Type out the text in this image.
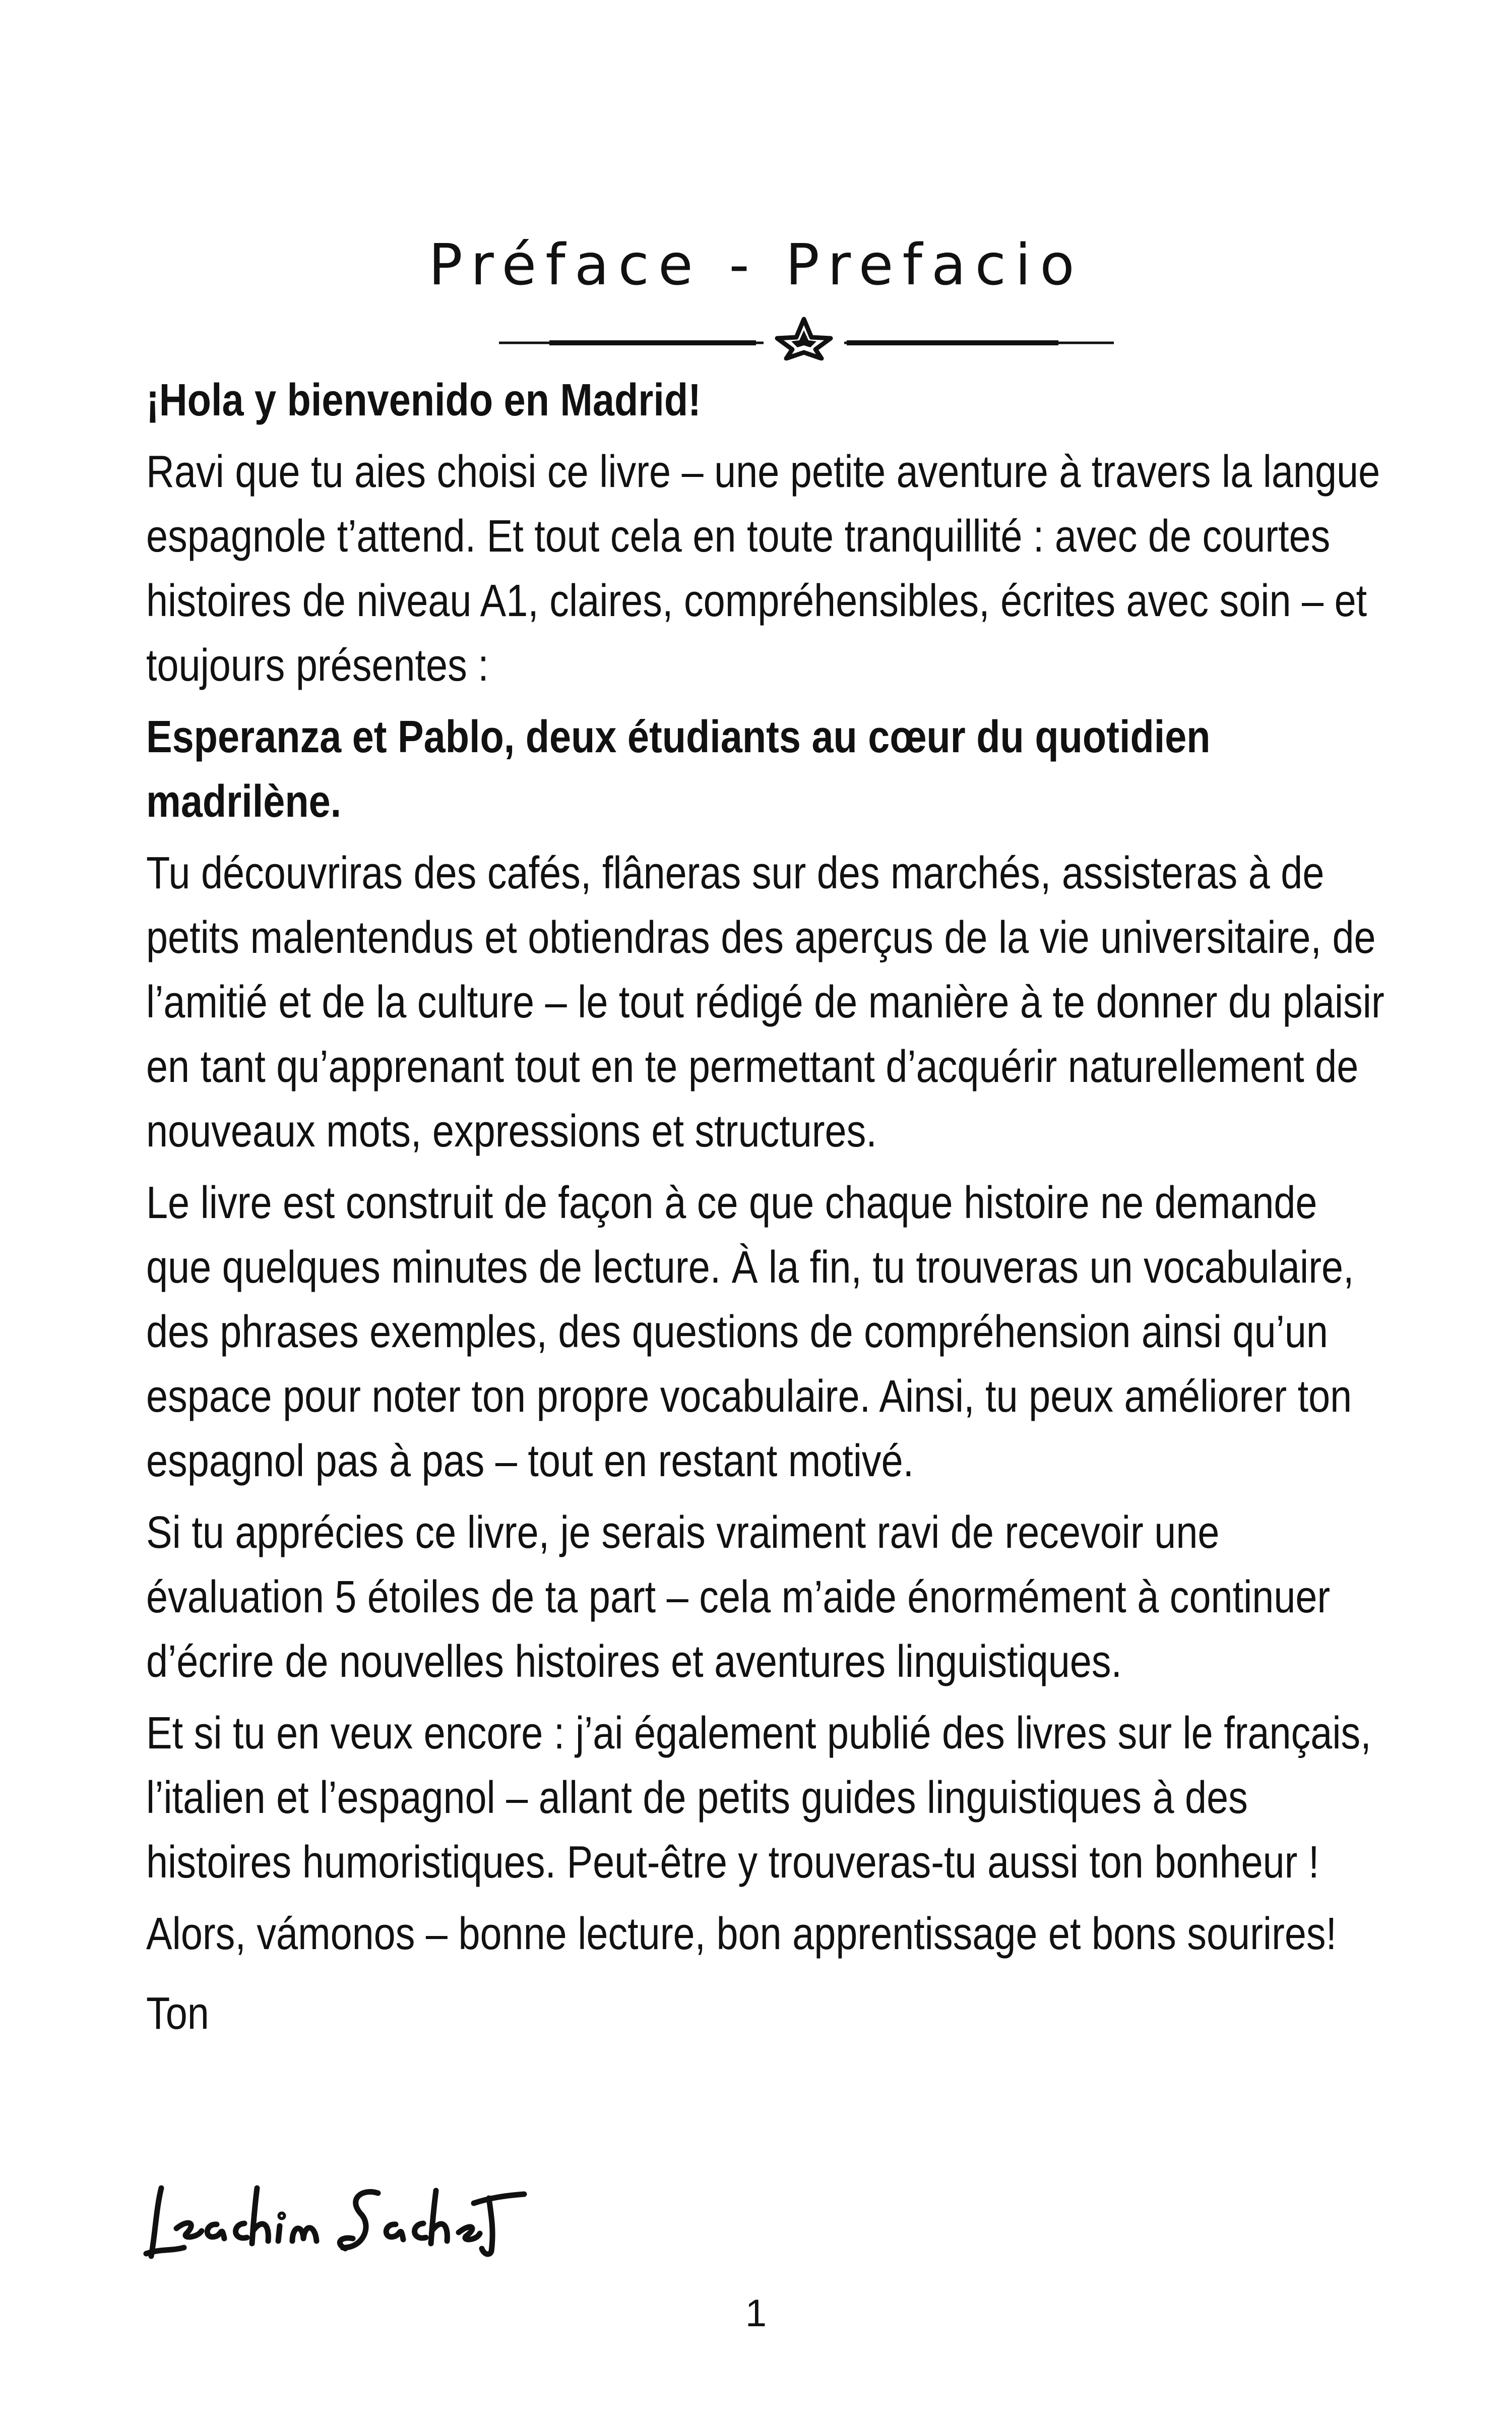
Préface - Prefacio

¡Hola y bienvenido en Madrid!

Ravi que tu aies choisi ce livre – une petite aventure à travers la langue espagnole t’attend. Et tout cela en toute tranquillité : avec de courtes histoires de niveau A1, claires, compréhensibles, écrites avec soin – et toujours présentes :

Esperanza et Pablo, deux étudiants au cœur du quotidien madrilène.

Tu découvriras des cafés, flâneras sur des marchés, assisteras à de petits malentendus et obtiendras des aperçus de la vie universitaire, de l’amitié et de la culture – le tout rédigé de manière à te donner du plaisir en tant qu’apprenant tout en te permettant d’acquérir naturellement de nouveaux mots, expressions et structures.

Le livre est construit de façon à ce que chaque histoire ne demande que quelques minutes de lecture. À la fin, tu trouveras un vocabulaire, des phrases exemples, des questions de compréhension ainsi qu’un espace pour noter ton propre vocabulaire. Ainsi, tu peux améliorer ton espagnol pas à pas – tout en restant motivé.

Si tu apprécies ce livre, je serais vraiment ravi de recevoir une évaluation 5 étoiles de ta part – cela m’aide énormément à continuer d’écrire de nouvelles histoires et aventures linguistiques.

Et si tu en veux encore : j’ai également publié des livres sur le français, l’italien et l’espagnol – allant de petits guides linguistiques à des histoires humoristiques. Peut-être y trouveras-tu aussi ton bonheur !

Alors, vámonos – bonne lecture, bon apprentissage et bons sourires!

Ton

1
